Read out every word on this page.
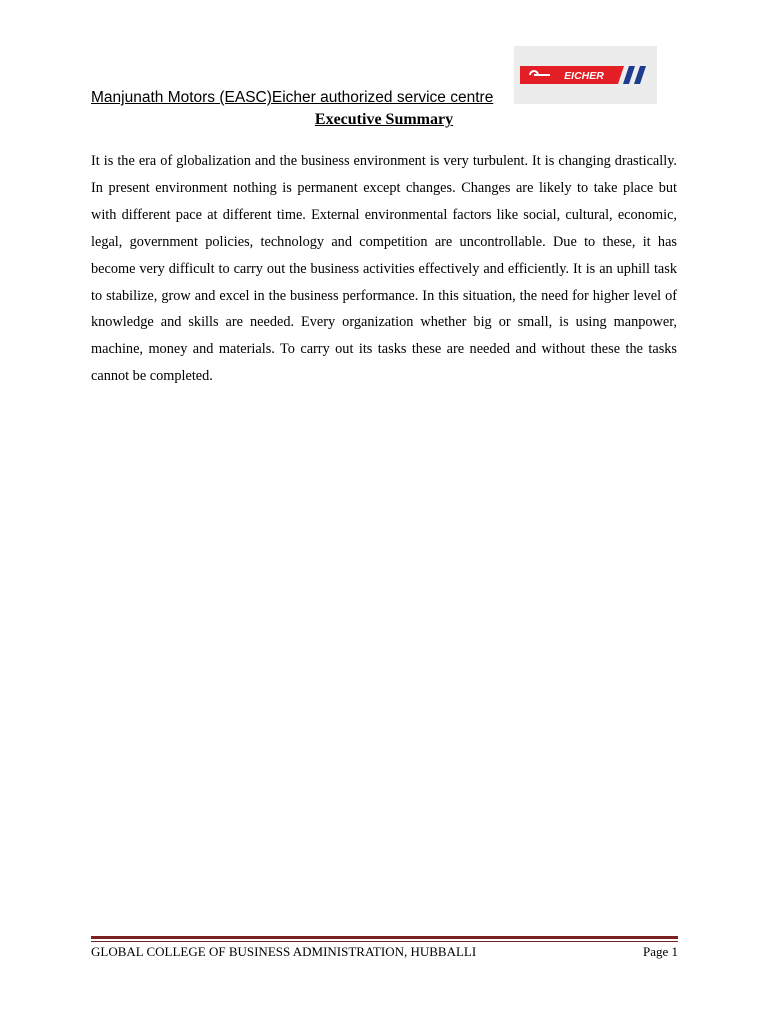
EICHER
Manjunath Motors (EASC)Eicher authorized service centre
Executive Summary

It is the era of globalization and the business environment is very turbulent. It is changing drastically. In present environment nothing is permanent except changes. Changes are likely to take place but with different pace at different time. External environmental factors like social, cultural, economic, legal, government policies, technology and competition are uncontrollable. Due to these, it has become very difficult to carry out the business activities effectively and efficiently. It is an uphill task to stabilize, grow and excel in the business performance. In this situation, the need for higher level of knowledge and skills are needed. Every organization whether big or small, is using manpower, machine, money and materials. To carry out its tasks these are needed and without these the tasks cannot be completed.

GLOBAL COLLEGE OF BUSINESS ADMINISTRATION, HUBBALLI	Page 1
